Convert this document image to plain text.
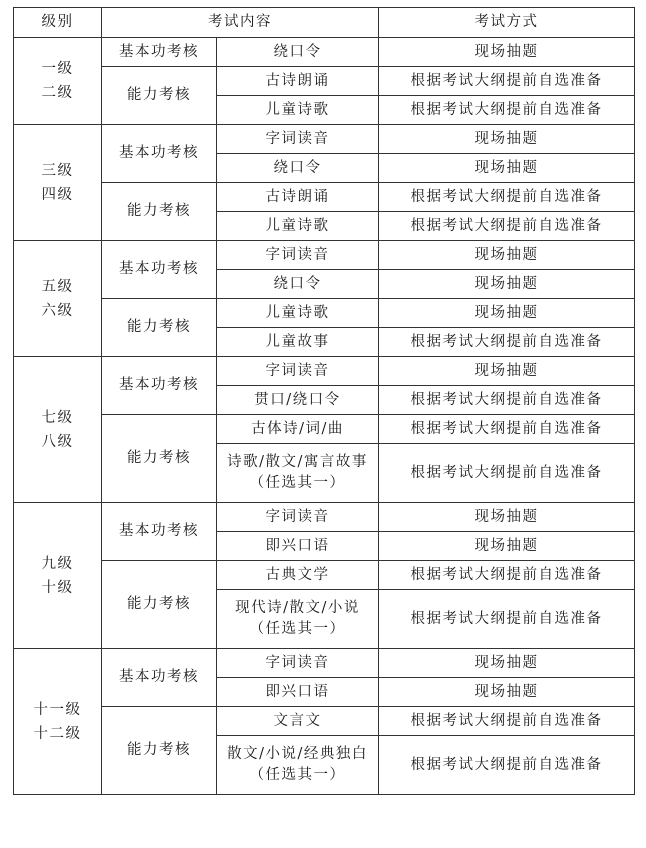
级别	考试内容		考试方式

一级
二级	基本功考核	绕口令	现场抽题
	能力考核	古诗朗诵	根据考试大纲提前自选准备

		儿童诗歌	根据考试大纲提前自选准备

三级
四级	基本功考核	字词读音	现场抽题

		绕口令	现场抽题
	能力考核	古诗朗诵	根据考试大纲提前自选准备

		儿童诗歌	根据考试大纲提前自选准备

五级
六级	基本功考核	字词读音	现场抽题

		绕口令	现场抽题
	能力考核	儿童诗歌	现场抽题

		儿童故事	根据考试大纲提前自选准备

七级
八级	基本功考核	字词读音	现场抽题

		贯口/绕口令	根据考试大纲提前自选准备
	能力考核	古体诗/词/曲	根据考试大纲提前自选准备

		诗歌/散文/寓言故事
（任选其一）	根据考试大纲提前自选准备

九级
十级	基本功考核	字词读音	现场抽题

		即兴口语	现场抽题
	能力考核	古典文学	根据考试大纲提前自选准备

		现代诗/散文/小说
（任选其一）	根据考试大纲提前自选准备

十一级
十二级	基本功考核	字词读音	现场抽题

		即兴口语	现场抽题
	能力考核	文言文	根据考试大纲提前自选准备

		散文/小说/经典独白
（任选其一）	根据考试大纲提前自选准备
